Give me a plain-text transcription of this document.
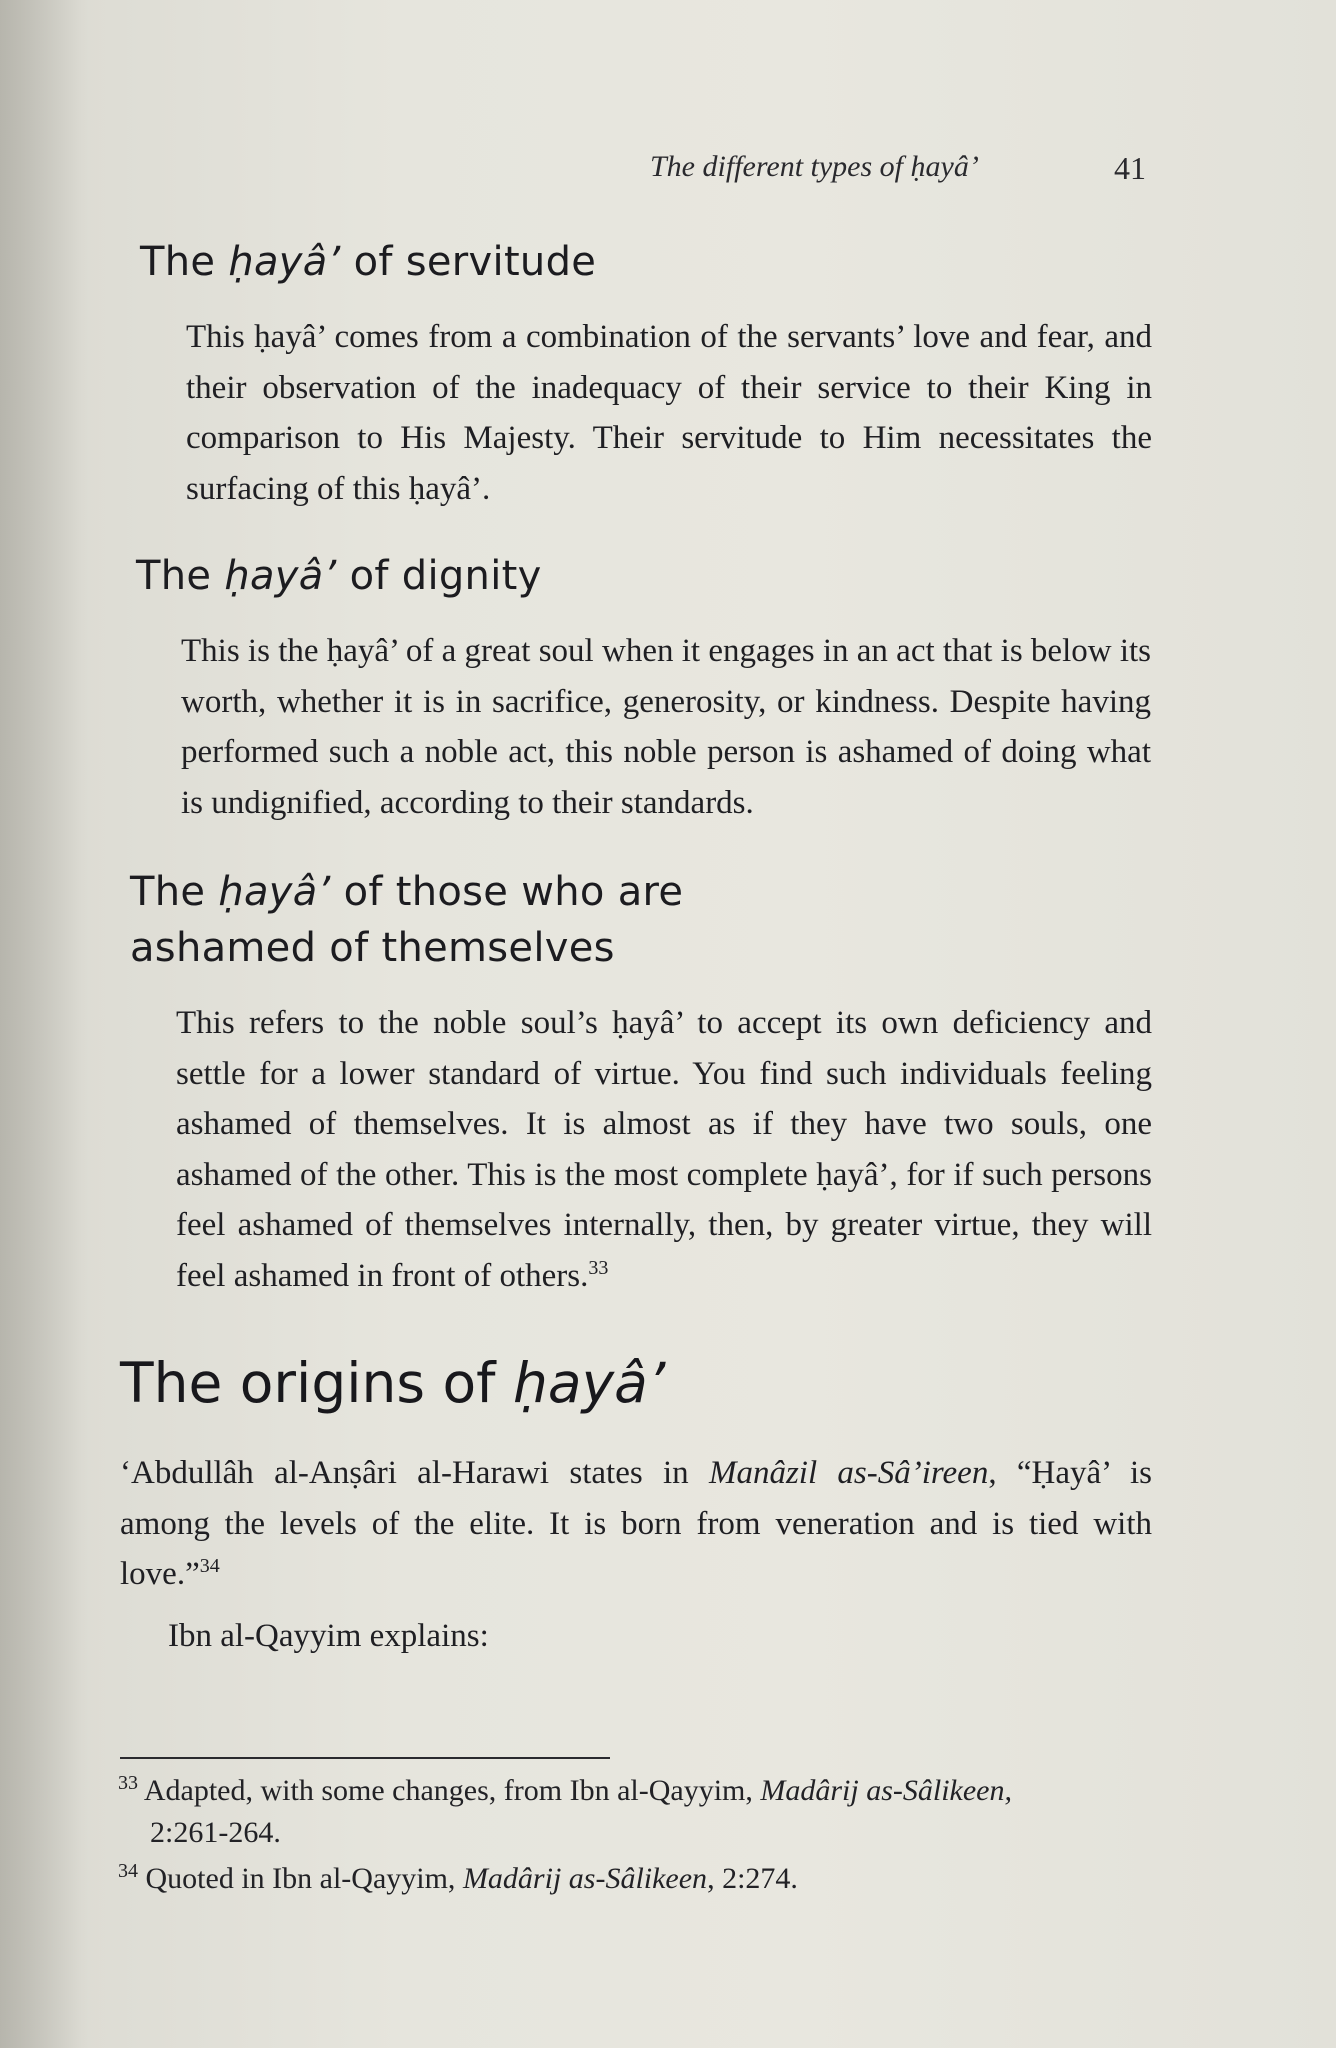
The different types of ḥayâ’	41
The ḥayâ’ of servitude

This ḥayâ’ comes from a combination of the servants’ love and fear, and their observation of the inadequacy of their service to their King in comparison to His Majesty. Their servitude to Him necessitates the surfacing of this ḥayâ’.

The ḥayâ’ of dignity

This is the ḥayâ’ of a great soul when it engages in an act that is below its worth, whether it is in sacrifice, generosity, or kindness. Despite having performed such a noble act, this noble person is ashamed of doing what is undignified, according to their standards.

The ḥayâ’ of those who are
ashamed of themselves

This refers to the noble soul’s ḥayâ’ to accept its own deficiency and settle for a lower standard of virtue. You find such individuals feeling ashamed of themselves. It is almost as if they have two souls, one ashamed of the other. This is the most complete ḥayâ’, for if such persons feel ashamed of themselves internally, then, by greater virtue, they will feel ashamed in front of others.$^{33}$

The origins of ḥayâ’

‘Abdullâh al-Anṣâri al-Harawi states in Manâzil as-Sâ’ireen, “Ḥayâ’ is among the levels of the elite. It is born from veneration and is tied with love.”$^{34}$

Ibn al-Qayyim explains:

$^{33}$ Adapted, with some changes, from Ibn al-Qayyim, Madârij as-Sâlikeen,
2:261-264.

$^{34}$ Quoted in Ibn al-Qayyim, Madârij as-Sâlikeen, 2:274.
